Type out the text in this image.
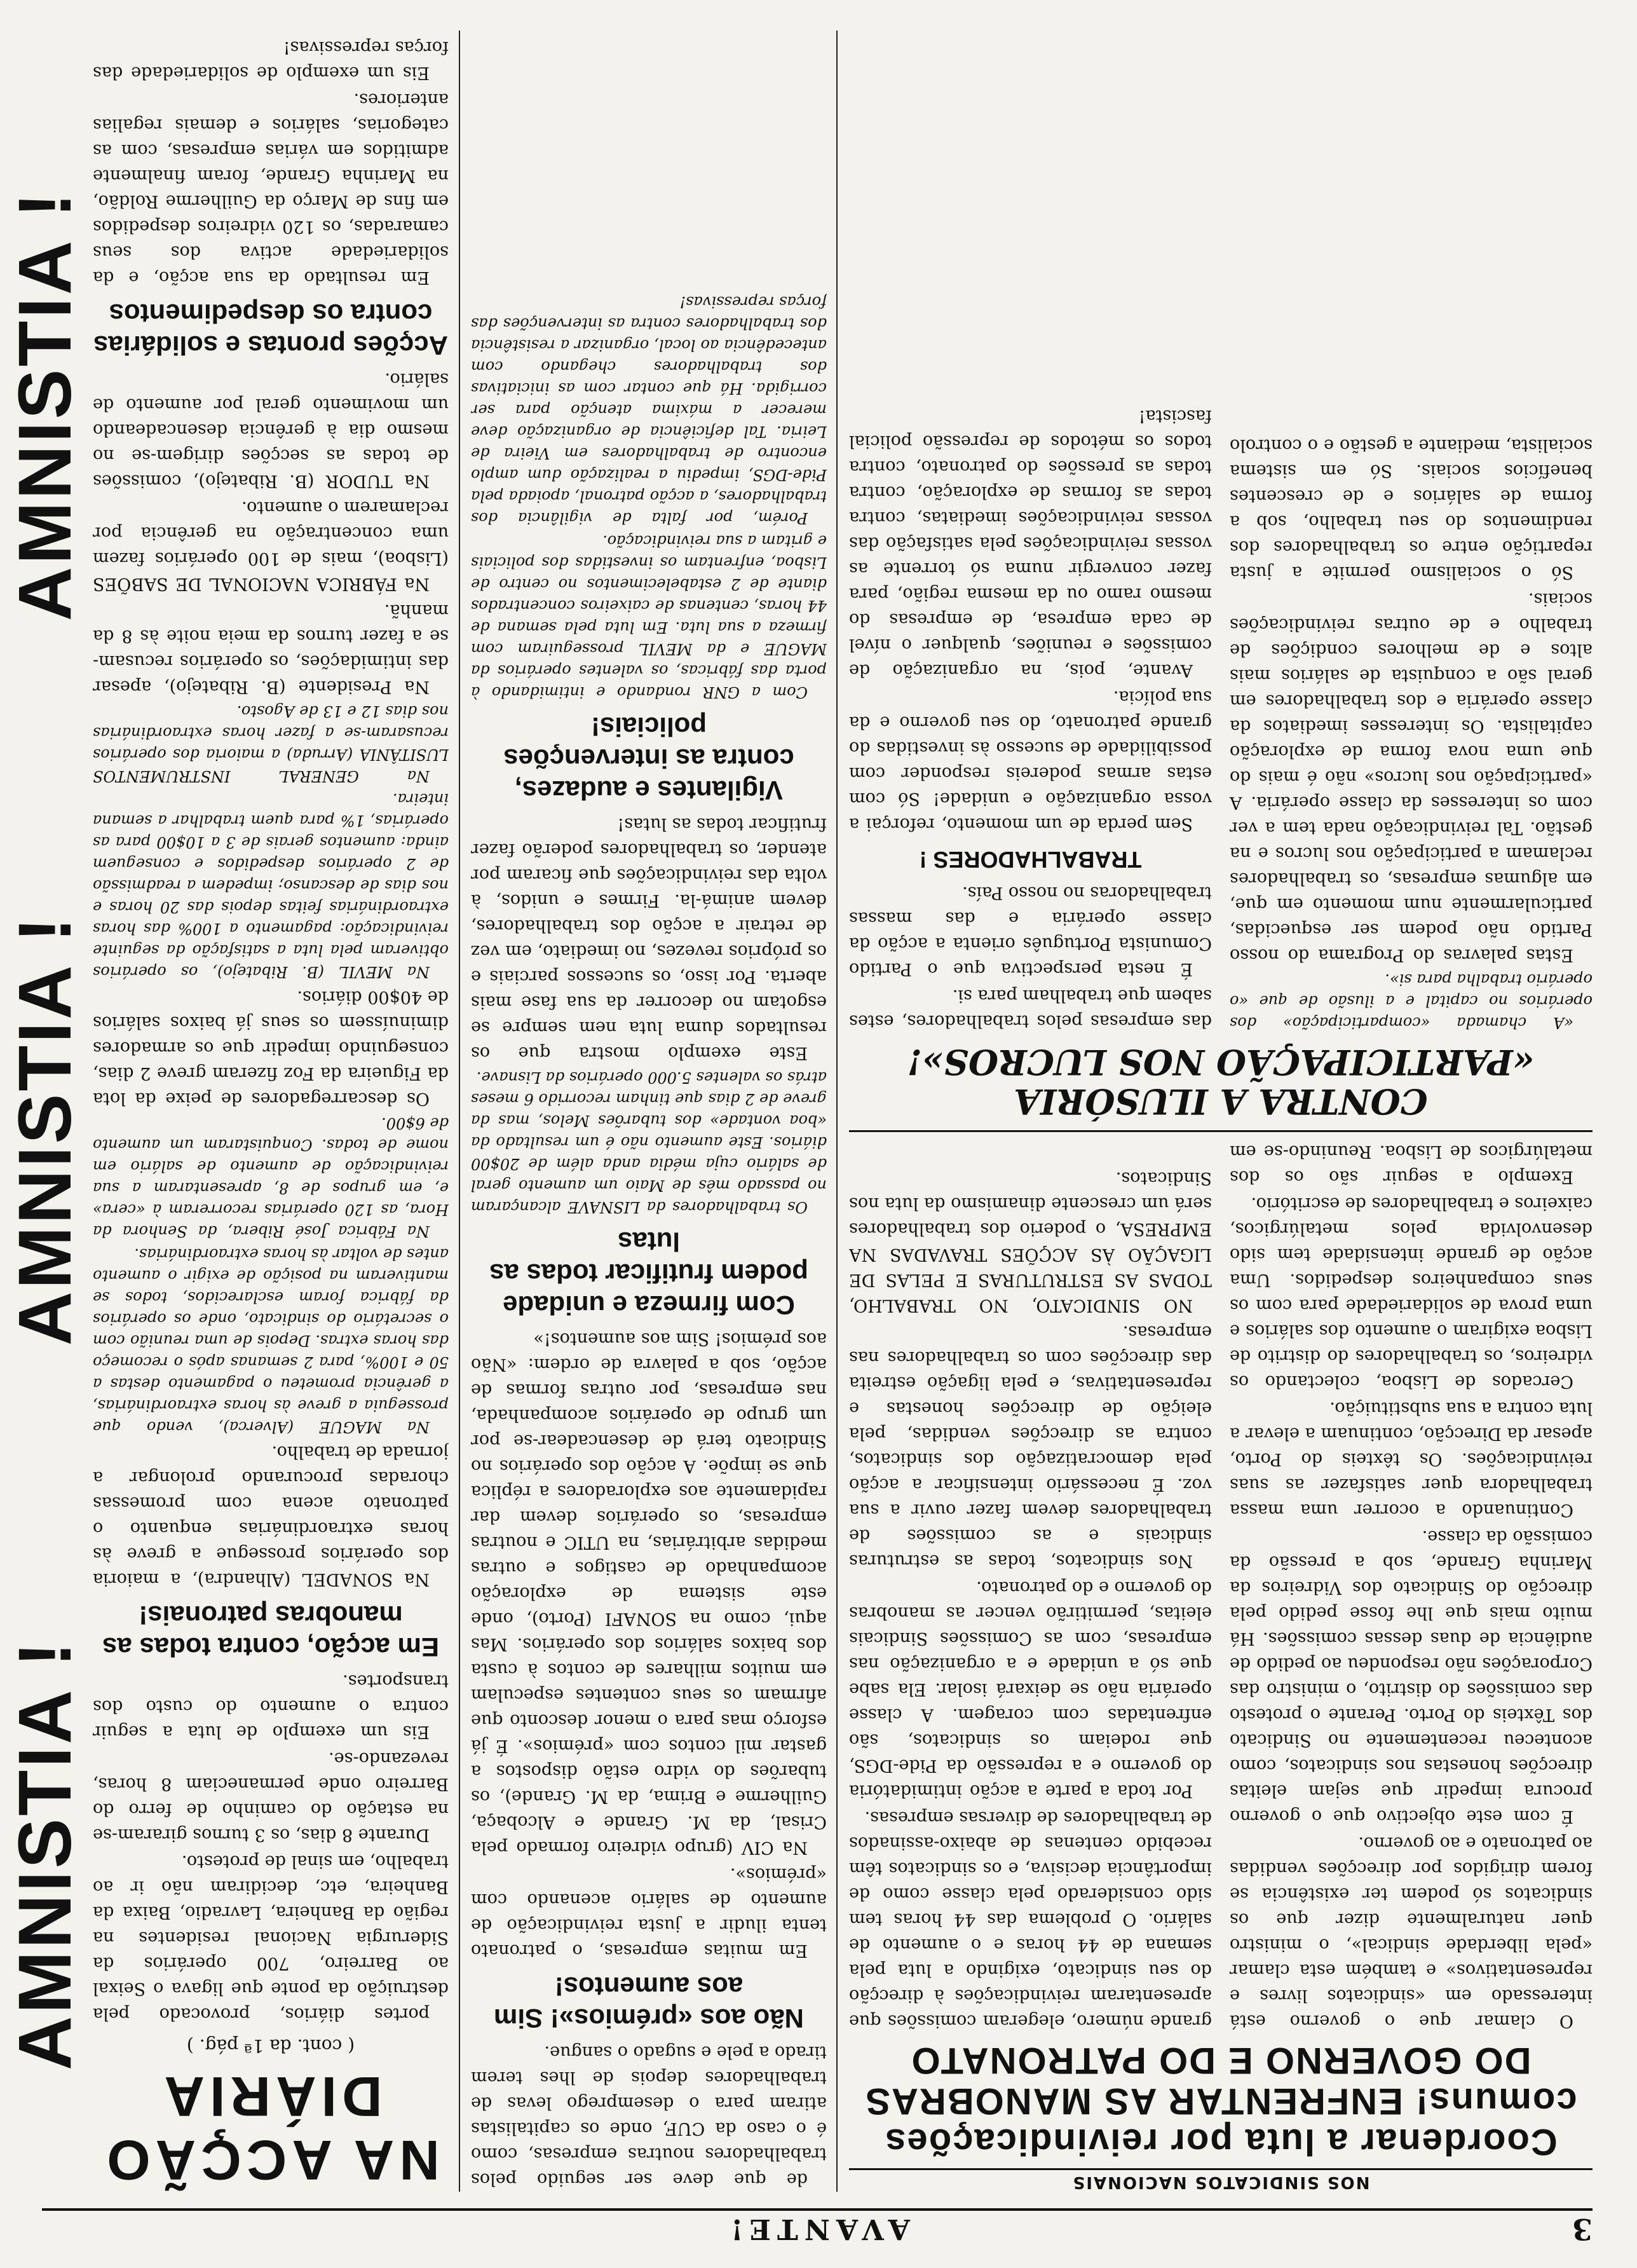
3
AVANTE!
NOS SINDICATOS NACIONAIS
Coordenar a luta por reivindicações comuns! ENFRENTAR AS MANOBRAS DO GOVERNO E DO PATRONATO

O clamar que o governo está interessado em «sindicatos livres e representativos» e também esta clamar «pela liberdade sindical», o ministro quer naturalmente dizer que os sindicatos só podem ter existência se forem dirigidos por direcções vendidas ao patronato e ao governo.

É com este objectivo que o governo procura impedir que sejam eleitas direcções honestas nos sindicatos, como aconteceu recentemente no Sindicato dos Têxteis do Porto. Perante o protesto das comissões do distrito, o ministro das Corporações não respondeu ao pedido de audiência de duas dessas comissões. Há muito mais que lhe fosse pedido pela direcção do Sindicato dos Vidreiros da Marinha Grande, sob a pressão da comissão da classe.

Continuando a ocorrer uma massa trabalhadora quer satisfazer as suas reivindicações. Os têxteis do Porto, apesar da Direcção, continuam a elevar a luta contra a sua substituição.

Cercados de Lisboa, colectando os vidreiros, os trabalhadores do distrito de Lisboa exigiram o aumento dos salários e uma prova de solidariedade para com os seus companheiros despedidos. Uma acção de grande intensidade tem sido desenvolvida pelos metalúrgicos, caixeiros e trabalhadores de escritório.

Exemplo a seguir são os dos metalúrgicos de Lisboa. Reunindo-se em grande número, elegeram comissões que apresentaram reivindicações à direcção do seu sindicato, exigindo a luta pela semana de 44 horas e o aumento de salário. O problema das 44 horas tem sido considerado pela classe como de importância decisiva, e os sindicatos têm recebido centenas de abaixo-assinados de trabalhadores de diversas empresas.

Por toda a parte a acção intimidatória do governo e a repressão da Pide-DGS, que rodeiam os sindicatos, são enfrentadas com coragem. A classe operária não se deixará isolar. Ela sabe que só a unidade e a organização nas empresas, com as Comissões Sindicais eleitas, permitirão vencer as manobras do governo e do patronato.

Nos sindicatos, todas as estruturas sindicais e as comissões de trabalhadores devem fazer ouvir a sua voz. É necessário intensificar a acção pela democratização dos sindicatos, contra as direcções vendidas, pela eleição de direcções honestas e representativas, e pela ligação estreita das direcções com os trabalhadores nas empresas.

NO SINDICATO, NO TRABALHO, TODAS AS ESTRUTURAS E PELAS DE LIGAÇÃO ÀS ACÇÕES TRAVADAS NA EMPRESA, o poderio dos trabalhadores será um crescente dinamismo da luta nos Sindicatos.

CONTRA A ILUSÓRIA «PARTICIPAÇÃO NOS LUCROS»!

«A chamada «comparticipação» dos operários no capital e a ilusão de que «o operário trabalha para si».

Estas palavras do Programa do nosso Partido não podem ser esquecidas, particularmente num momento em que, em algumas empresas, os trabalhadores reclamam a participação nos lucros e na gestão. Tal reivindicação nada tem a ver com os interesses da classe operária. A «participação nos lucros» não é mais do que uma nova forma de exploração capitalista. Os interesses imediatos da classe operária e dos trabalhadores em geral são a conquista de salários mais altos e de melhores condições de trabalho e de outras reivindicações sociais.

Só o socialismo permite a justa repartição entre os trabalhadores dos rendimentos do seu trabalho, sob a forma de salários e de crescentes benefícios sociais. Só em sistema socialista, mediante a gestão e o controlo das empresas pelos trabalhadores, estes sabem que trabalham para si.

É nesta perspectiva que o Partido Comunista Português orienta a acção da classe operária e das massas trabalhadoras no nosso País.

TRABALHADORES !

Sem perda de um momento, reforçai a vossa organização e unidade! Só com estas armas podereis responder com possibilidade de sucesso às investidas do grande patronato, do seu governo e da sua polícia.

Avante, pois, na organização de comissões e reuniões, qualquer o nível de cada empresa, de empresas do mesmo ramo ou da mesma região, para fazer convergir numa só torrente as vossas reivindicações pela satisfação das vossas reivindicações imediatas, contra todas as formas de exploração, contra todas as pressões do patronato, contra todos os métodos de repressão policial fascista!

de que deve ser seguido pelos trabalhadores noutras empresas, como é o caso da CUF, onde os capitalistas atiram para o desemprego levas de trabalhadores depois de lhes terem tirado a pele e sugado o sangue.

Não aos «prémios»! Sim aos aumentos!

Em muitas empresas, o patronato tenta iludir a justa reivindicação de aumento de salário acenando com «prémios».

Na CIV (grupo vidreiro formado pela Crisal, da M. Grande e Alcobaça, Guilherme e Brima, da M. Grande), os tubarões do vidro estão dispostos a gastar mil contos com «prémios». É já esforço mas para o menor desconto que afirmam os seus contentes especulam em muitos milhares de contos à custa dos baixos salários dos operários. Mas aqui, como na SONAFI (Porto), onde este sistema de exploração acompanhado de castigos e outras medidas arbitrárias, na UTIC e noutras empresas, os operários devem dar rapidamente aos exploradores a réplica que se impõe. A acção dos operários no Sindicato terá de desencadear-se por um grupo de operários acompanhada, nas empresas, por outras formas de acção, sob a palavra de ordem: «Não aos prémios! Sim aos aumentos!»

Com firmeza e unidade podem frutificar todas as lutas

Os trabalhadores da LISNAVE alcançaram no passado mês de Maio um aumento geral de salário cuja média anda além de 20$00 diários. Este aumento não é um resultado da «boa vontade» dos tubarões Melos, mas da greve de 2 dias que tinham recorrido 6 meses atrás os valentes 5.000 operários da Lisnave.

Este exemplo mostra que os resultados duma luta nem sempre se esgotam no decorrer da sua fase mais aberta. Por isso, os sucessos parciais e os próprios revezes, no imediato, em vez de retrair a acção dos trabalhadores, devem animá-la. Firmes e unidos, à volta das reivindicações que ficaram por atender, os trabalhadores poderão fazer frutificar todas as lutas!

Vigilantes e audazes, contra as intervenções policiais!

Com a GNR rondando e intimidando à porta das fábricas, os valentes operários da MAGUE e da MEVIL prosseguiram com firmeza a sua luta. Em luta pela semana de 44 horas, centenas de caixeiros concentrados diante de 2 estabelecimentos no centro de Lisboa, enfrentam os investidas dos policiais e gritam a sua reivindicação.

Porém, por falta de vigilância dos trabalhadores, a acção patronal, apoiada pela Pide-DGS, impediu a realização dum amplo encontro de trabalhadores em Vieira de Leiria. Tal deficiência de organização deve merecer a máxima atenção para ser corrigida. Há que contar com as iniciativas dos trabalhadores chegando com antecedência ao local, organizar a resistência dos trabalhadores contra as intervenções das forças repressivas!

NA ACÇÃO DIÁRIA
( cont. da 1ª pág. )

portes diários, provocado pela destruição da ponte que ligava o Seixal ao Barreiro, 700 operários da Siderurgia Nacional residentes na região da Banheira, Lavradio, Baixa da Banheira, etc, decidiram não ir ao trabalho, em sinal de protesto.

Durante 8 dias, os 3 turnos giraram-se na estação do caminho de ferro do Barreiro onde permaneciam 8 horas, revezando-se.

Eis um exemplo de luta a seguir contra o aumento do custo dos transportes.

Em acção, contra todas as manobras patronais!

Na SONADEL (Alhandra), a maioria dos operários prossegue a greve às horas extraordinárias enquanto o patronato acena com promessas choradas procurando prolongar a jornada de trabalho.

Na MAGUE (Alverca), vendo que prosseguia a greve às horas extraordinárias, a gerência prometeu o pagamento destas a 50 e 100%, para 2 semanas após o recomeço das horas extras. Depois de uma reunião com o secretário do sindicato, onde os operários da fábrica foram esclarecidos, todos se mantiveram na posição de exigir o aumento antes de voltar às horas extraordinárias.

Na Fábrica José Ribera, da Senhora da Hora, as 120 operárias recorreram à «cera» e, em grupos de 8, apresentaram a sua reivindicação de aumento de salário em nome de todas. Conquistaram um aumento de 6$00.

Os descarregadores de peixe da lota da Figueira da Foz fizeram greve 2 dias, conseguindo impedir que os armadores diminuíssem os seus já baixos salários de 40$00 diários.

Na MEVIL (B. Ribatejo), os operários obtiveram pela luta a satisfação da seguinte reivindicação: pagamento a 100% das horas extraordinárias feitas depois das 20 horas e nos dias de descanso; impedem a readmissão de 2 operários despedidos e conseguem ainda: aumentos gerais de 3 a 10$00 para as operárias, 1% para quem trabalhar a semana inteira.

Na GENERAL INSTRUMENTOS LUSITÂNIA (Arruda) a maioria dos operários recusaram-se a fazer horas extraordinárias nos dias 12 e 13 de Agosto.

Na Presidente (B. Ribatejo), apesar das intimidações, os operários recusam-se a fazer turnos da meia noite às 8 da manhã.

Na FÁBRICA NACIONAL DE SABÕES (Lisboa), mais de 100 operários fazem uma concentração na gerência por reclamarem o aumento.

Na TUDOR (B. Ribatejo), comissões de todas as secções dirigem-se no mesmo dia à gerência desencadeando um movimento geral por aumento de salário.

Acções prontas e solidárias contra os despedimentos

Em resultado da sua acção, e da solidariedade activa dos seus camaradas, os 120 vidreiros despedidos em fins de Março da Guilherme Roldão, na Marinha Grande, foram finalmente admitidos em várias empresas, com as categorias, salários e demais regalias anteriores.

Eis um exemplo de solidariedade das forças repressivas!

AMNISTIA !
AMNISTIA !
AMNISTIA !
